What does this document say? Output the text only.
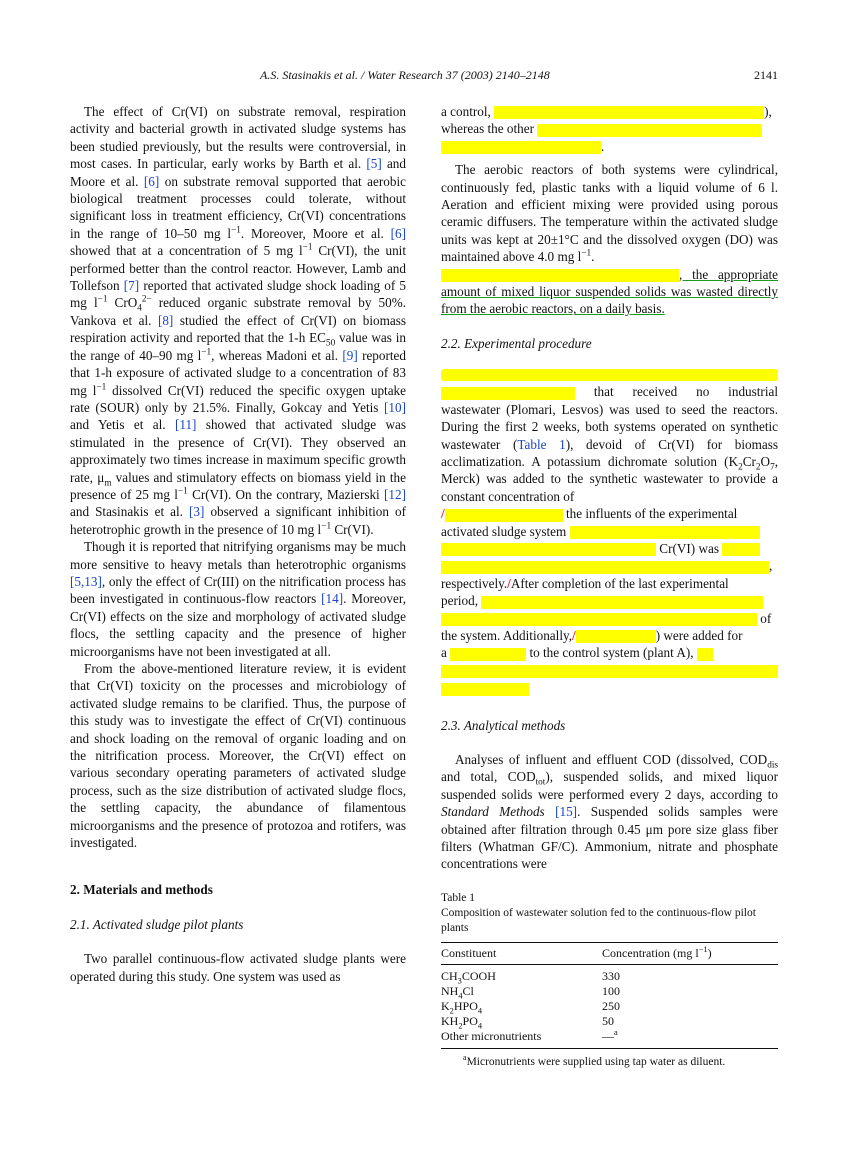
A.S. Stasinakis et al. / Water Research 37 (2003) 2140–2148	2141

The effect of Cr(VI) on substrate removal, respiration activity and bacterial growth in activated sludge systems has been studied previously, but the results were controversial, in most cases. In particular, early works by Barth et al. [5] and Moore et al. [6] on substrate removal supported that aerobic biological treatment processes could tolerate, without significant loss in treatment efficiency, Cr(VI) concentrations in the range of 10–50 mg $l^{-1}$. Moreover, Moore et al. [6] showed that at a concentration of 5 mg $l^{-1}$ Cr(VI), the unit performed better than the control reactor. However, Lamb and Tollefson [7] reported that activated sludge shock loading of 5 mg $l^{-1}$ CrO$_4^{2-}$ reduced organic substrate removal by 50%. Vankova et al. [8] studied the effect of Cr(VI) on biomass respiration activity and reported that the 1-h $EC_{50}$ value was in the range of 40–90 mg $l^{-1}$, whereas Madoni et al. [9] reported that 1-h exposure of activated sludge to a concentration of 83 mg $l^{-1}$ dissolved Cr(VI) reduced the specific oxygen uptake rate (SOUR) only by 21.5%. Finally, Gokcay and Yetis [10] and Yetis et al. [11] showed that activated sludge was stimulated in the presence of Cr(VI). They observed an approximately two times increase in maximum specific growth rate, $\mu_m$ values and stimulatory effects on biomass yield in the presence of 25 mg $l^{-1}$ Cr(VI). On the contrary, Mazierski [12] and Stasinakis et al. [3] observed a significant inhibition of heterotrophic growth in the presence of 10 mg $l^{-1}$ Cr(VI).

Though it is reported that nitrifying organisms may be much more sensitive to heavy metals than heterotrophic organisms [5,13], only the effect of Cr(III) on the nitrification process has been investigated in continuous-flow reactors [14]. Moreover, Cr(VI) effects on the size and morphology of activated sludge flocs, the settling capacity and the presence of higher microorganisms have not been investigated at all.

From the above-mentioned literature review, it is evident that Cr(VI) toxicity on the processes and microbiology of activated sludge remains to be clarified. Thus, the purpose of this study was to investigate the effect of Cr(VI) continuous and shock loading on the removal of organic loading and on the nitrification process. Moreover, the Cr(VI) effect on various secondary operating parameters of activated sludge process, such as the size distribution of activated sludge flocs, the settling capacity, the abundance of filamentous microorganisms and the presence of protozoa and rotifers, was investigated.

2. Materials and methods

2.1. Activated sludge pilot plants

Two parallel continuous-flow activated sludge plants were operated during this study. One system was used as

a control,	),
whereas the other
.

The aerobic reactors of both systems were cylindrical, continuously fed, plastic tanks with a liquid volume of 6 l. Aeration and efficient mixing were provided using porous ceramic diffusers. The temperature within the activated sludge units was kept at 20±1°C and the dissolved oxygen (DO) was maintained above 4.0 mg $l^{-1}$.
, the appropriate amount of mixed liquor suspended solids was wasted directly from the aerobic reactors, on a daily basis.

2.2. Experimental procedure

that received no industrial wastewater (Plomari, Lesvos) was used to seed the reactors. During the first 2 weeks, both systems operated on synthetic wastewater (Table 1), devoid of Cr(VI) for biomass acclimatization. A potassium dichromate solution ($K_2Cr_2O_7$, Merck) was added to the synthetic wastewater to provide a constant concentration of
/	the influents of the experimental
activated sludge system
Cr(VI) was
,
respectively./After completion of the last experimental
period,
of
the system. Additionally,/	) were added for
a	to the control system (plant A),

2.3. Analytical methods

Analyses of influent and effluent COD (dissolved, $COD_{dis}$ and total, $COD_{tot}$), suspended solids, and mixed liquor suspended solids were performed every 2 days, according to Standard Methods [15]. Suspended solids samples were obtained after filtration through 0.45 μm pore size glass fiber filters (Whatman GF/C). Ammonium, nitrate and phosphate concentrations were

Table 1

Composition of wastewater solution fed to the continuous-flow pilot plants

Constituent	Concentration (mg $l^{-1}$)
$CH_3COOH$	330
$NH_4Cl$	100
$K_2HPO_4$	250
$KH_2PO_4$	50
Other micronutrients	—$^a$

$^a$Micronutrients were supplied using tap water as diluent.
